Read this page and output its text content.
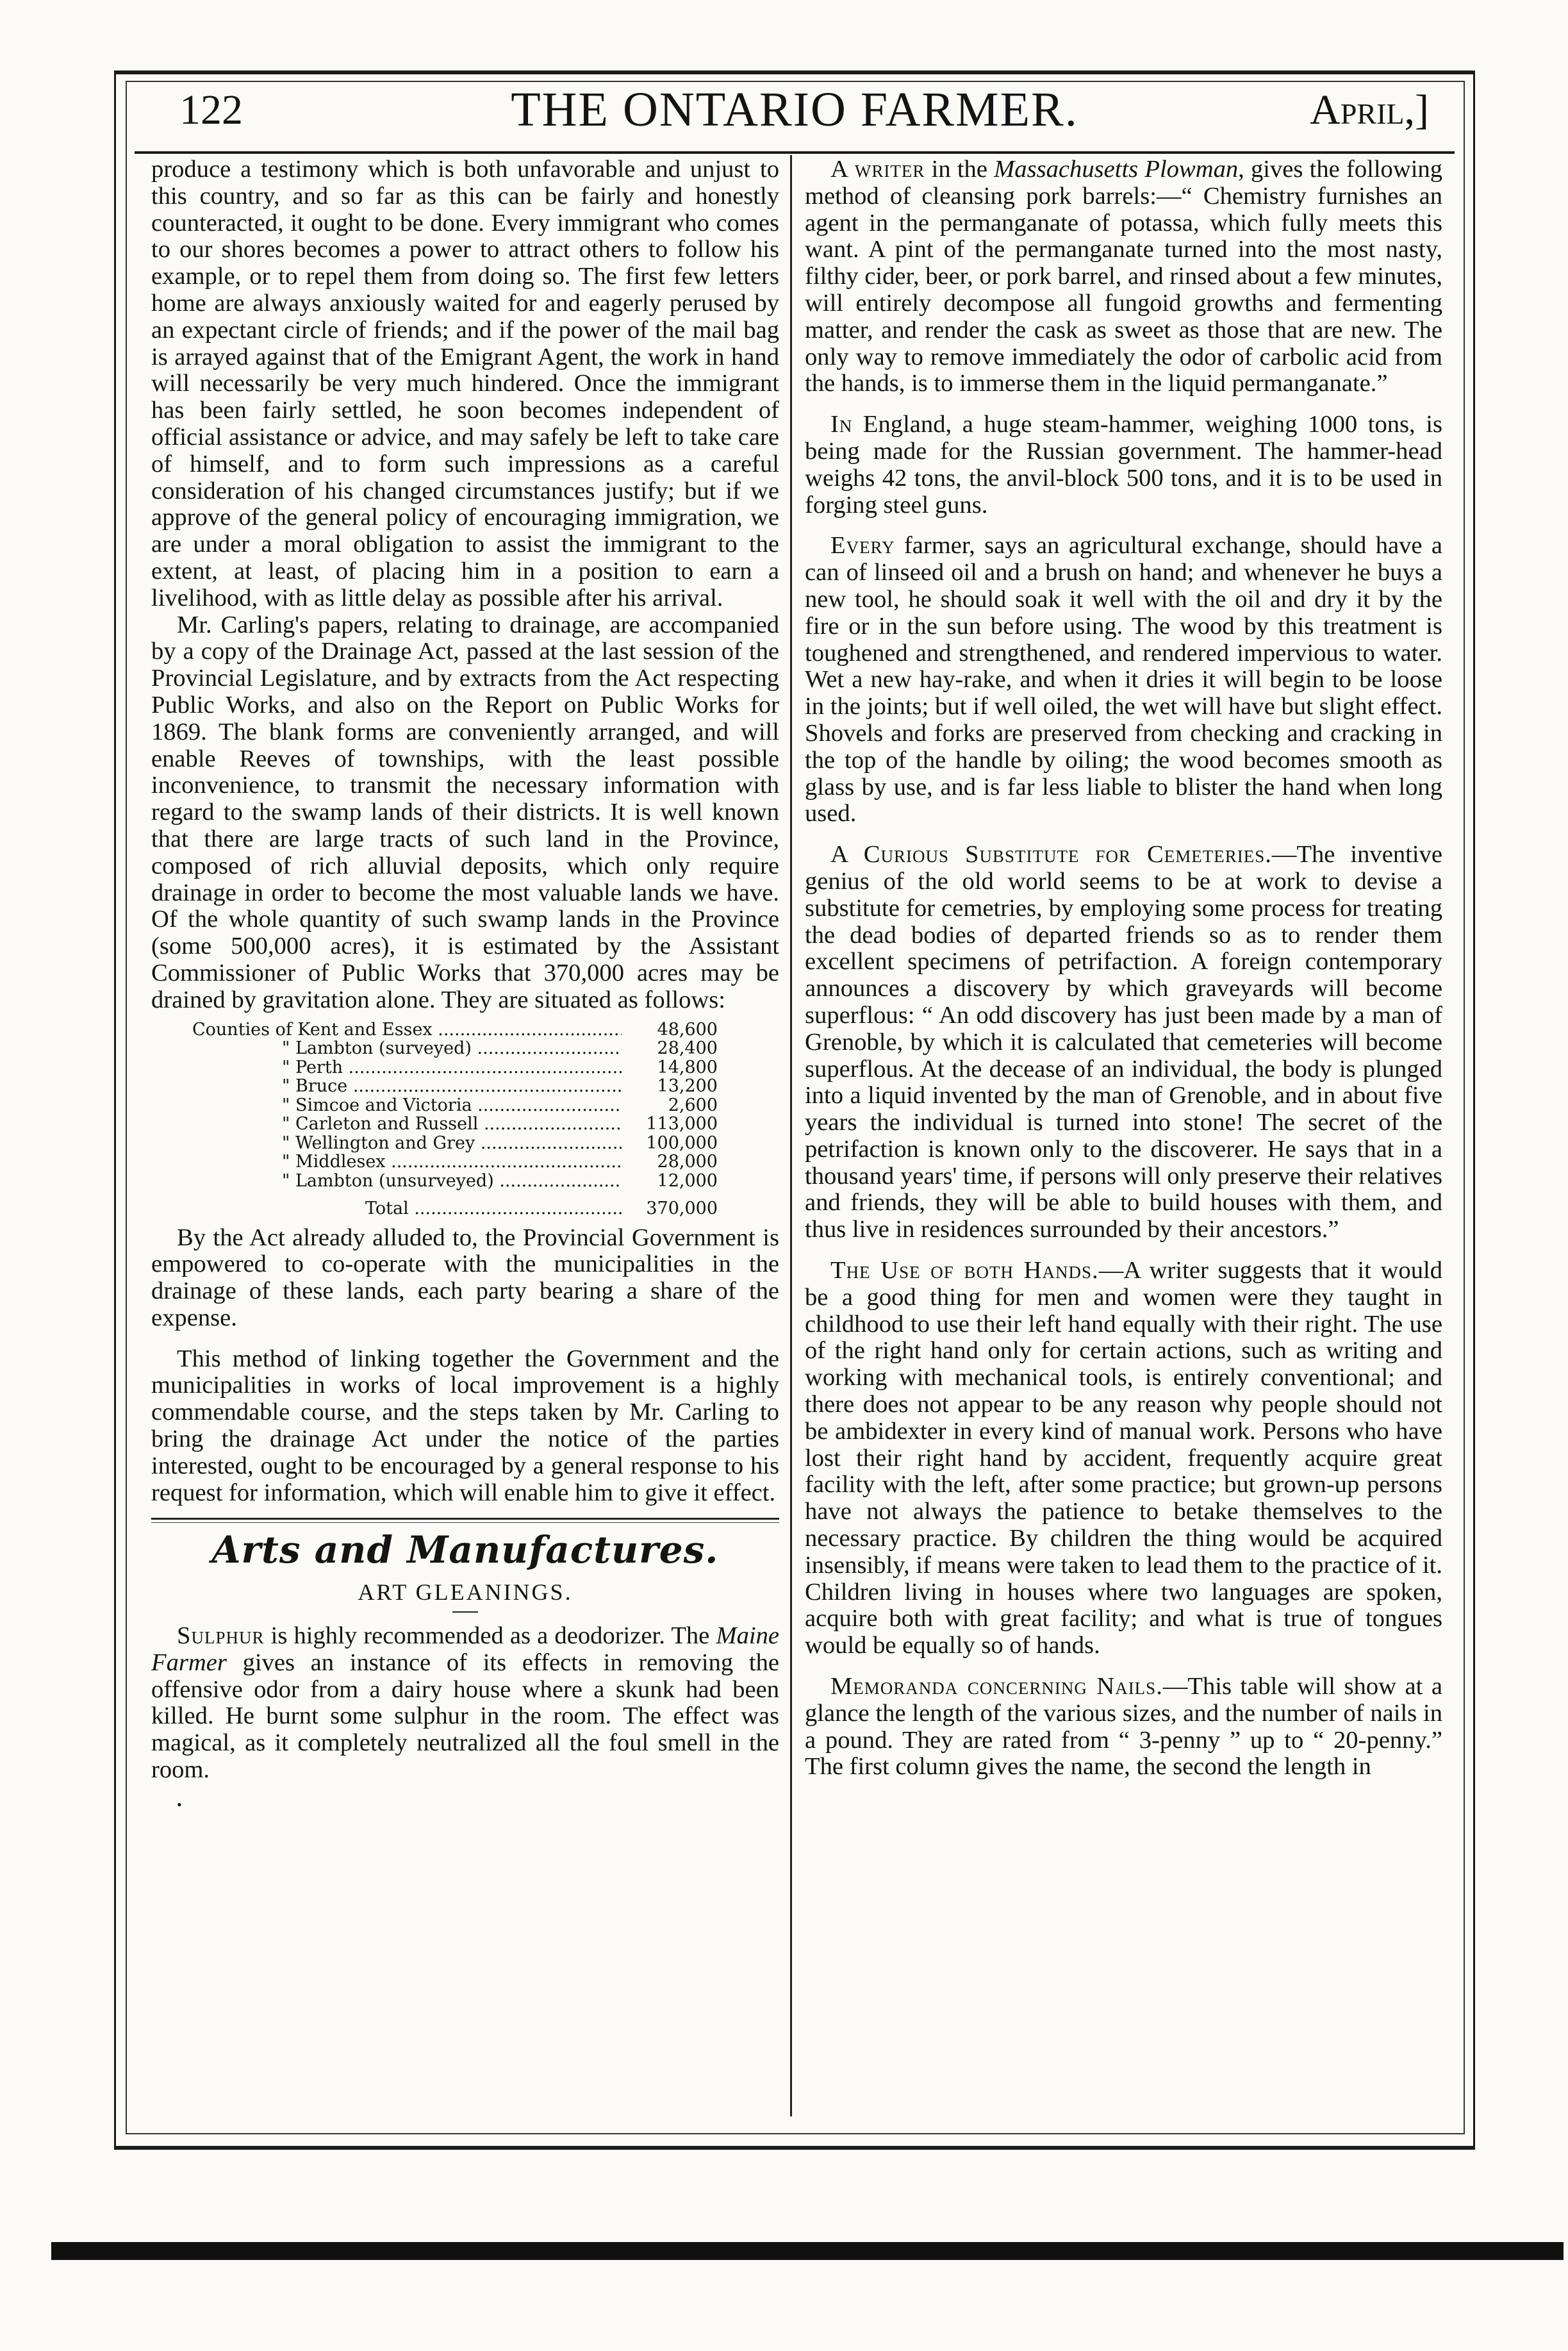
122	THE ONTARIO FARMER.	April,]

produce a testimony which is both unfavorable and unjust to this country, and so far as this can be fairly and honestly counteracted, it ought to be done. Every immigrant who comes to our shores becomes a power to attract others to follow his example, or to repel them from doing so. The first few letters home are always anxiously waited for and eagerly perused by an expectant circle of friends; and if the power of the mail bag is arrayed against that of the Emigrant Agent, the work in hand will necessarily be very much hindered. Once the immigrant has been fairly settled, he soon becomes independent of official assistance or advice, and may safely be left to take care of himself, and to form such impressions as a careful consideration of his changed circumstances justify; but if we approve of the general policy of encouraging immigration, we are under a moral obligation to assist the immigrant to the extent, at least, of placing him in a position to earn a livelihood, with as little delay as possible after his arrival.

Mr. Carling's papers, relating to drainage, are accompanied by a copy of the Drainage Act, passed at the last session of the Provincial Legislature, and by extracts from the Act respecting Public Works, and also on the Report on Public Works for 1869. The blank forms are conveniently arranged, and will enable Reeves of townships, with the least possible inconvenience, to transmit the necessary information with regard to the swamp lands of their districts. It is well known that there are large tracts of such land in the Province, composed of rich alluvial deposits, which only require drainage in order to become the most valuable lands we have. Of the whole quantity of such swamp lands in the Province (some 500,000 acres), it is estimated by the Assistant Commissioner of Public Works that 370,000 acres may be drained by gravitation alone. They are situated as follows:

Counties of Kent and Essex .....	48,600
" Lambton (surveyed) .....	28,400
" Perth .....	14,800
" Bruce .....	13,200
" Simcoe and Victoria .....	2,600
" Carleton and Russell .....	113,000
" Wellington and Grey .....	100,000
" Middlesex .....	28,000
" Lambton (unsurveyed) .....	12,000
Total .....	370,000

By the Act already alluded to, the Provincial Government is empowered to co-operate with the municipalities in the drainage of these lands, each party bearing a share of the expense.

This method of linking together the Government and the municipalities in works of local improvement is a highly commendable course, and the steps taken by Mr. Carling to bring the drainage Act under the notice of the parties interested, ought to be encouraged by a general response to his request for information, which will enable him to give it effect.

Arts and Manufactures.
ART GLEANINGS.

Sulphur is highly recommended as a deodorizer. The Maine Farmer gives an instance of its effects in removing the offensive odor from a dairy house where a skunk had been killed. He burnt some sulphur in the room. The effect was magical, as it completely neutralized all the foul smell in the room.

•

A writer in the Massachusetts Plowman, gives the following method of cleansing pork barrels:—“ Chemistry furnishes an agent in the permanganate of potassa, which fully meets this want. A pint of the permanganate turned into the most nasty, filthy cider, beer, or pork barrel, and rinsed about a few minutes, will entirely decompose all fungoid growths and fermenting matter, and render the cask as sweet as those that are new. The only way to remove immediately the odor of carbolic acid from the hands, is to immerse them in the liquid permanganate.”

In England, a huge steam-hammer, weighing 1000 tons, is being made for the Russian government. The hammer-head weighs 42 tons, the anvil-block 500 tons, and it is to be used in forging steel guns.

Every farmer, says an agricultural exchange, should have a can of linseed oil and a brush on hand; and whenever he buys a new tool, he should soak it well with the oil and dry it by the fire or in the sun before using. The wood by this treatment is toughened and strengthened, and rendered impervious to water. Wet a new hay-rake, and when it dries it will begin to be loose in the joints; but if well oiled, the wet will have but slight effect. Shovels and forks are preserved from checking and cracking in the top of the handle by oiling; the wood becomes smooth as glass by use, and is far less liable to blister the hand when long used.

A Curious Substitute for Cemeteries.—The inventive genius of the old world seems to be at work to devise a substitute for cemetries, by employing some process for treating the dead bodies of departed friends so as to render them excellent specimens of petrifaction. A foreign contemporary announces a discovery by which graveyards will become superflous: “ An odd discovery has just been made by a man of Grenoble, by which it is calculated that cemeteries will become superflous. At the decease of an individual, the body is plunged into a liquid invented by the man of Grenoble, and in about five years the individual is turned into stone! The secret of the petrifaction is known only to the discoverer. He says that in a thousand years' time, if persons will only preserve their relatives and friends, they will be able to build houses with them, and thus live in residences surrounded by their ancestors.”

The Use of both Hands.—A writer suggests that it would be a good thing for men and women were they taught in childhood to use their left hand equally with their right. The use of the right hand only for certain actions, such as writing and working with mechanical tools, is entirely conventional; and there does not appear to be any reason why people should not be ambidexter in every kind of manual work. Persons who have lost their right hand by accident, frequently acquire great facility with the left, after some practice; but grown-up persons have not always the patience to betake themselves to the necessary practice. By children the thing would be acquired insensibly, if means were taken to lead them to the practice of it. Children living in houses where two languages are spoken, acquire both with great facility; and what is true of tongues would be equally so of hands.

Memoranda concerning Nails.—This table will show at a glance the length of the various sizes, and the number of nails in a pound. They are rated from “ 3-penny ” up to “ 20-penny.” The first column gives the name, the second the length in
